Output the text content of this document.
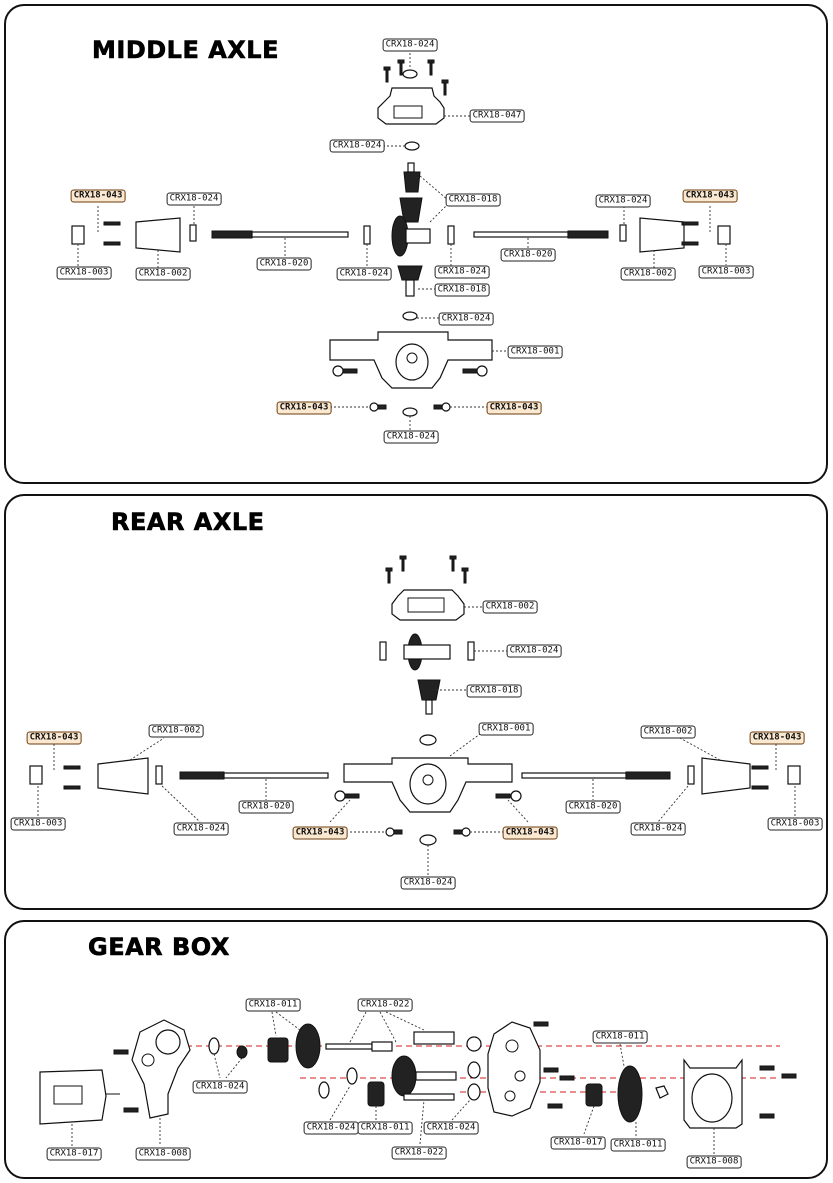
MIDDLE AXLE
REAR AXLE
GEAR BOX
CRX18-024
CRX18-047
CRX18-024
CRX18-043	CRX18-024	CRX18-018	CRX18-024	CRX18-043
CRX18-003	CRX18-002
CRX18-020
CRX18-024	CRX18-024
CRX18-020
CRX18-002	CRX18-003
CRX18-018
CRX18-024
CRX18-001
CRX18-043	CRX18-043
CRX18-024
CRX18-002
CRX18-024
CRX18-018
CRX18-002	CRX18-001	CRX18-002
CRX18-043	CRX18-043
CRX18-003
CRX18-020
CRX18-024
CRX18-020
CRX18-024	CRX18-003
CRX18-043	CRX18-043
CRX18-024
CRX18-011	CRX18-022
CRX18-011
CRX18-024
CRX18-017	CRX18-008
CRX18-024 CRX18-011	CRX18-024
CRX18-022
CRX18-017	CRX18-011
CRX18-008
